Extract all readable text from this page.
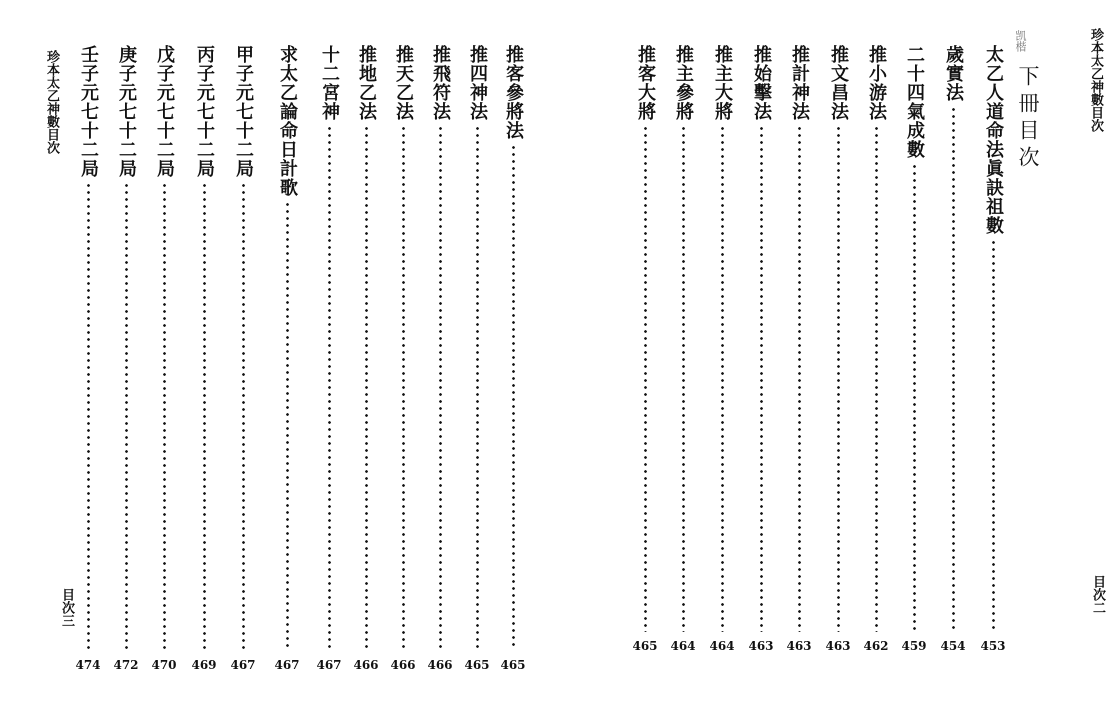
珍本太乙神數目次
目次三
推客參將法
465
推四神法
465
推飛符法
466
推天乙法
466
推地乙法
466
十二宮神
467
求太乙論命日計歌
467
甲子元七十二局
467
丙子元七十二局
469
戊子元七十二局
470
庚子元七十二局
472
壬子元七十二局
474
珍本太乙神數目次
凯楷
下冊目次
目次二
太乙人道命法眞訣祖數
453
歲實法
454
二十四氣成數
459
推小游法
462
推文昌法
463
推計神法
463
推始擊法
463
推主大將
464
推主參將
464
推客大將
465
